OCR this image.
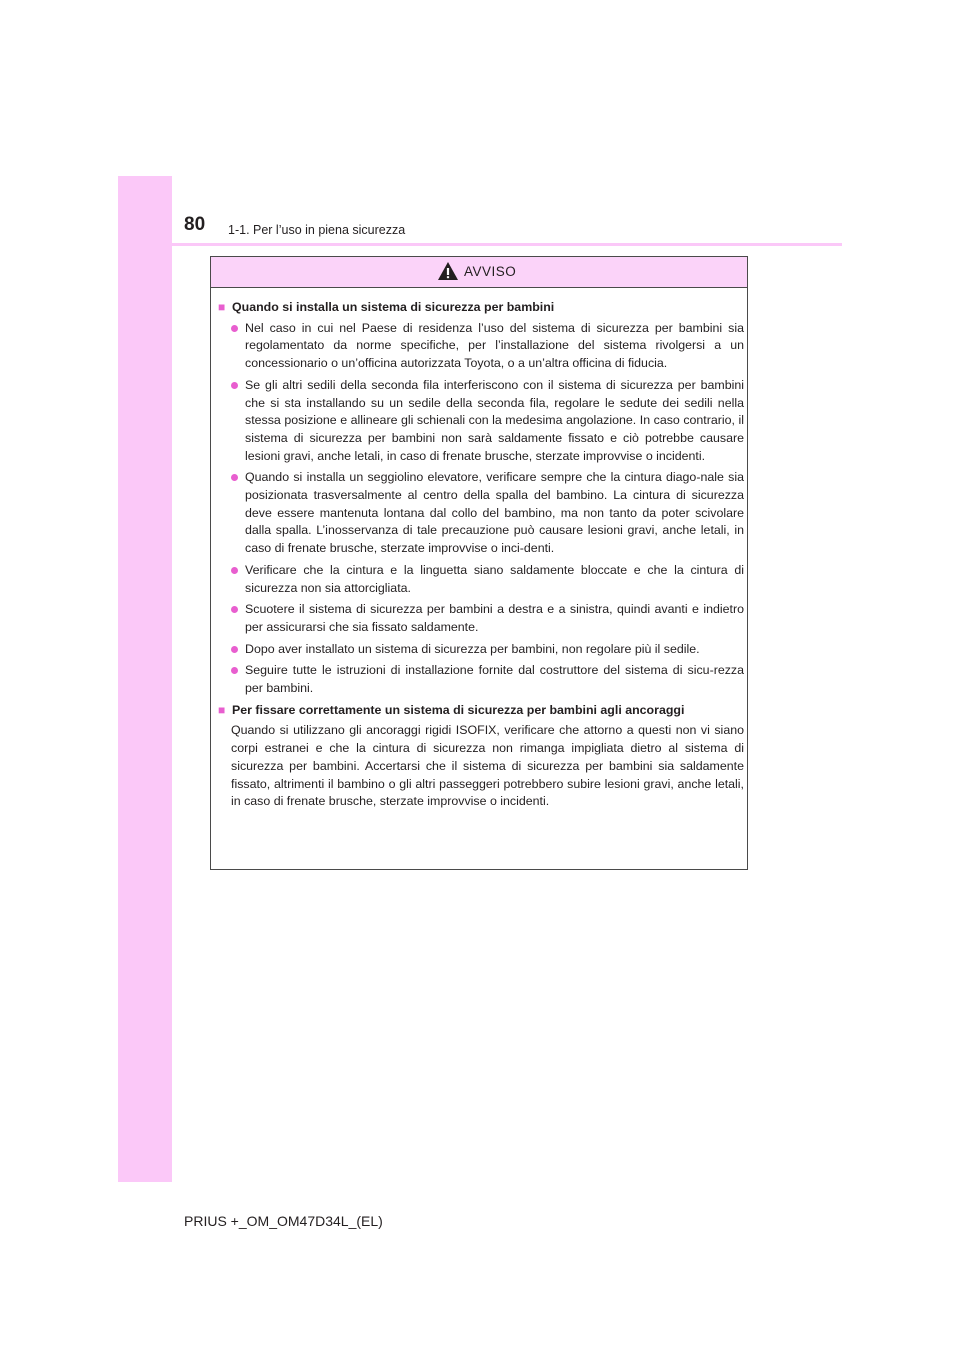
80 1-1. Per l’uso in piena sicurezza
AVVISO
■ Quando si installa un sistema di sicurezza per bambini
Nel caso in cui nel Paese di residenza l’uso del sistema di sicurezza per bambini sia regolamentato da norme specifiche, per l’installazione del sistema rivolgersi a un concessionario o un’officina autorizzata Toyota, o a un’altra officina di fiducia.
Se gli altri sedili della seconda fila interferiscono con il sistema di sicurezza per bambini che si sta installando su un sedile della seconda fila, regolare le sedute dei sedili nella stessa posizione e allineare gli schienali con la medesima angolazione. In caso contrario, il sistema di sicurezza per bambini non sarà saldamente fissato e ciò potrebbe causare lesioni gravi, anche letali, in caso di frenate brusche, sterzate improvvise o incidenti.
Quando si installa un seggiolino elevatore, verificare sempre che la cintura diago-nale sia posizionata trasversalmente al centro della spalla del bambino. La cintura di sicurezza deve essere mantenuta lontana dal collo del bambino, ma non tanto da poter scivolare dalla spalla. L’inosservanza di tale precauzione può causare lesioni gravi, anche letali, in caso di frenate brusche, sterzate improvvise o inci-denti.
Verificare che la cintura e la linguetta siano saldamente bloccate e che la cintura di sicurezza non sia attorcigliata.
Scuotere il sistema di sicurezza per bambini a destra e a sinistra, quindi avanti e indietro per assicurarsi che sia fissato saldamente.
Dopo aver installato un sistema di sicurezza per bambini, non regolare più il sedile.
Seguire tutte le istruzioni di installazione fornite dal costruttore del sistema di sicu-rezza per bambini.
■ Per fissare correttamente un sistema di sicurezza per bambini agli ancoraggi
Quando si utilizzano gli ancoraggi rigidi ISOFIX, verificare che attorno a questi non vi siano corpi estranei e che la cintura di sicurezza non rimanga impigliata dietro al sistema di sicurezza per bambini. Accertarsi che il sistema di sicurezza per bambini sia saldamente fissato, altrimenti il bambino o gli altri passeggeri potrebbero subire lesioni gravi, anche letali, in caso di frenate brusche, sterzate improvvise o incidenti.
PRIUS +_OM_OM47D34L_(EL)
